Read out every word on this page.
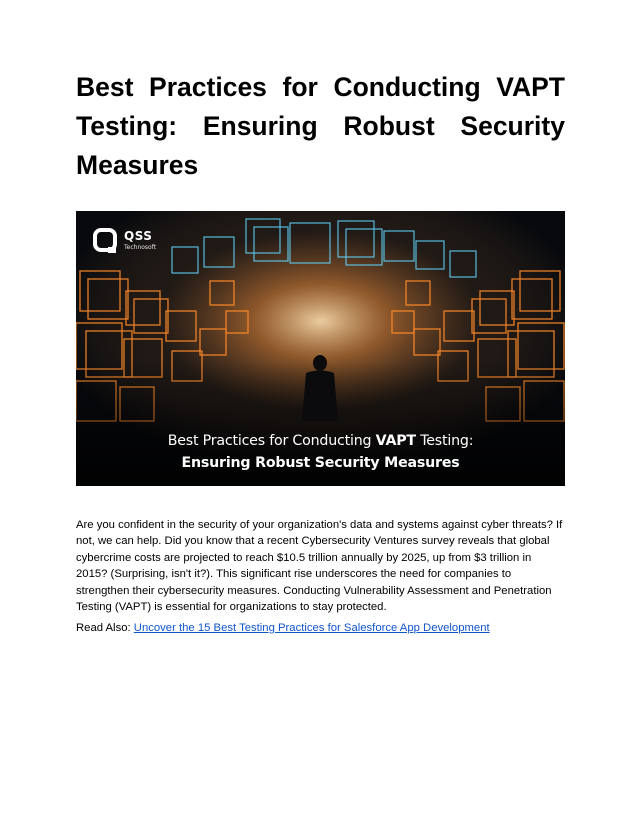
Best Practices for Conducting VAPT Testing: Ensuring Robust Security Measures
QSS
Technosoft
Best Practices for Conducting VAPT Testing:
Ensuring Robust Security Measures

Are you confident in the security of your organization's data and systems against cyber threats? If not, we can help. Did you know that a recent Cybersecurity Ventures survey reveals that global cybercrime costs are projected to reach $10.5 trillion annually by 2025, up from $3 trillion in 2015? (Surprising, isn't it?). This significant rise underscores the need for companies to strengthen their cybersecurity measures. Conducting Vulnerability Assessment and Penetration Testing (VAPT) is essential for organizations to stay protected.

Read Also: Uncover the 15 Best Testing Practices for Salesforce App Development
